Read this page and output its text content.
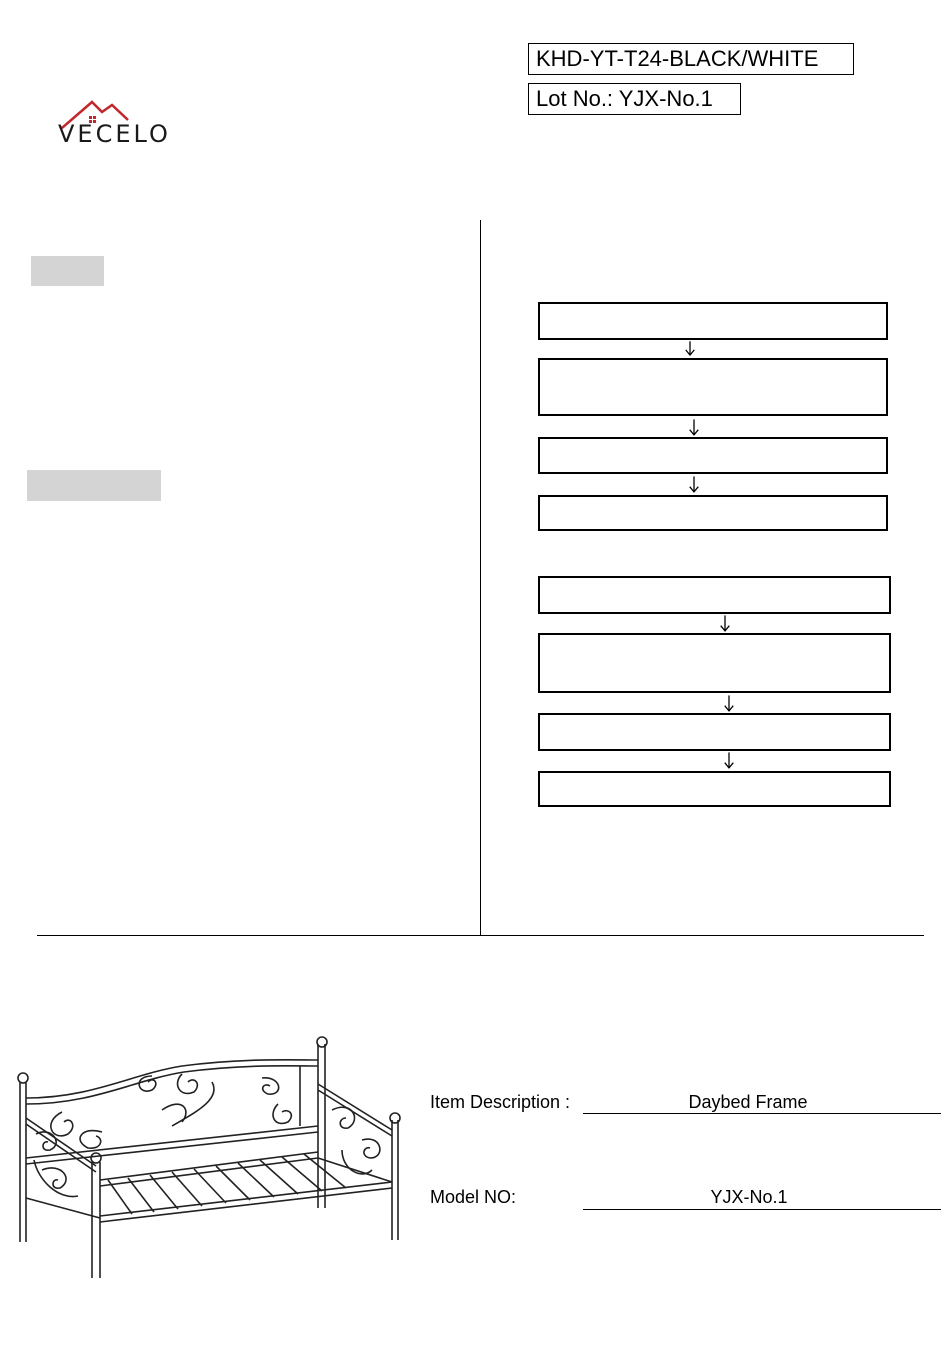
VECELO
KHD-YT-T24-BLACK/WHITE
Lot No.: YJX-No.1
Item Description :	Daybed Frame
Model NO:	YJX-No.1
